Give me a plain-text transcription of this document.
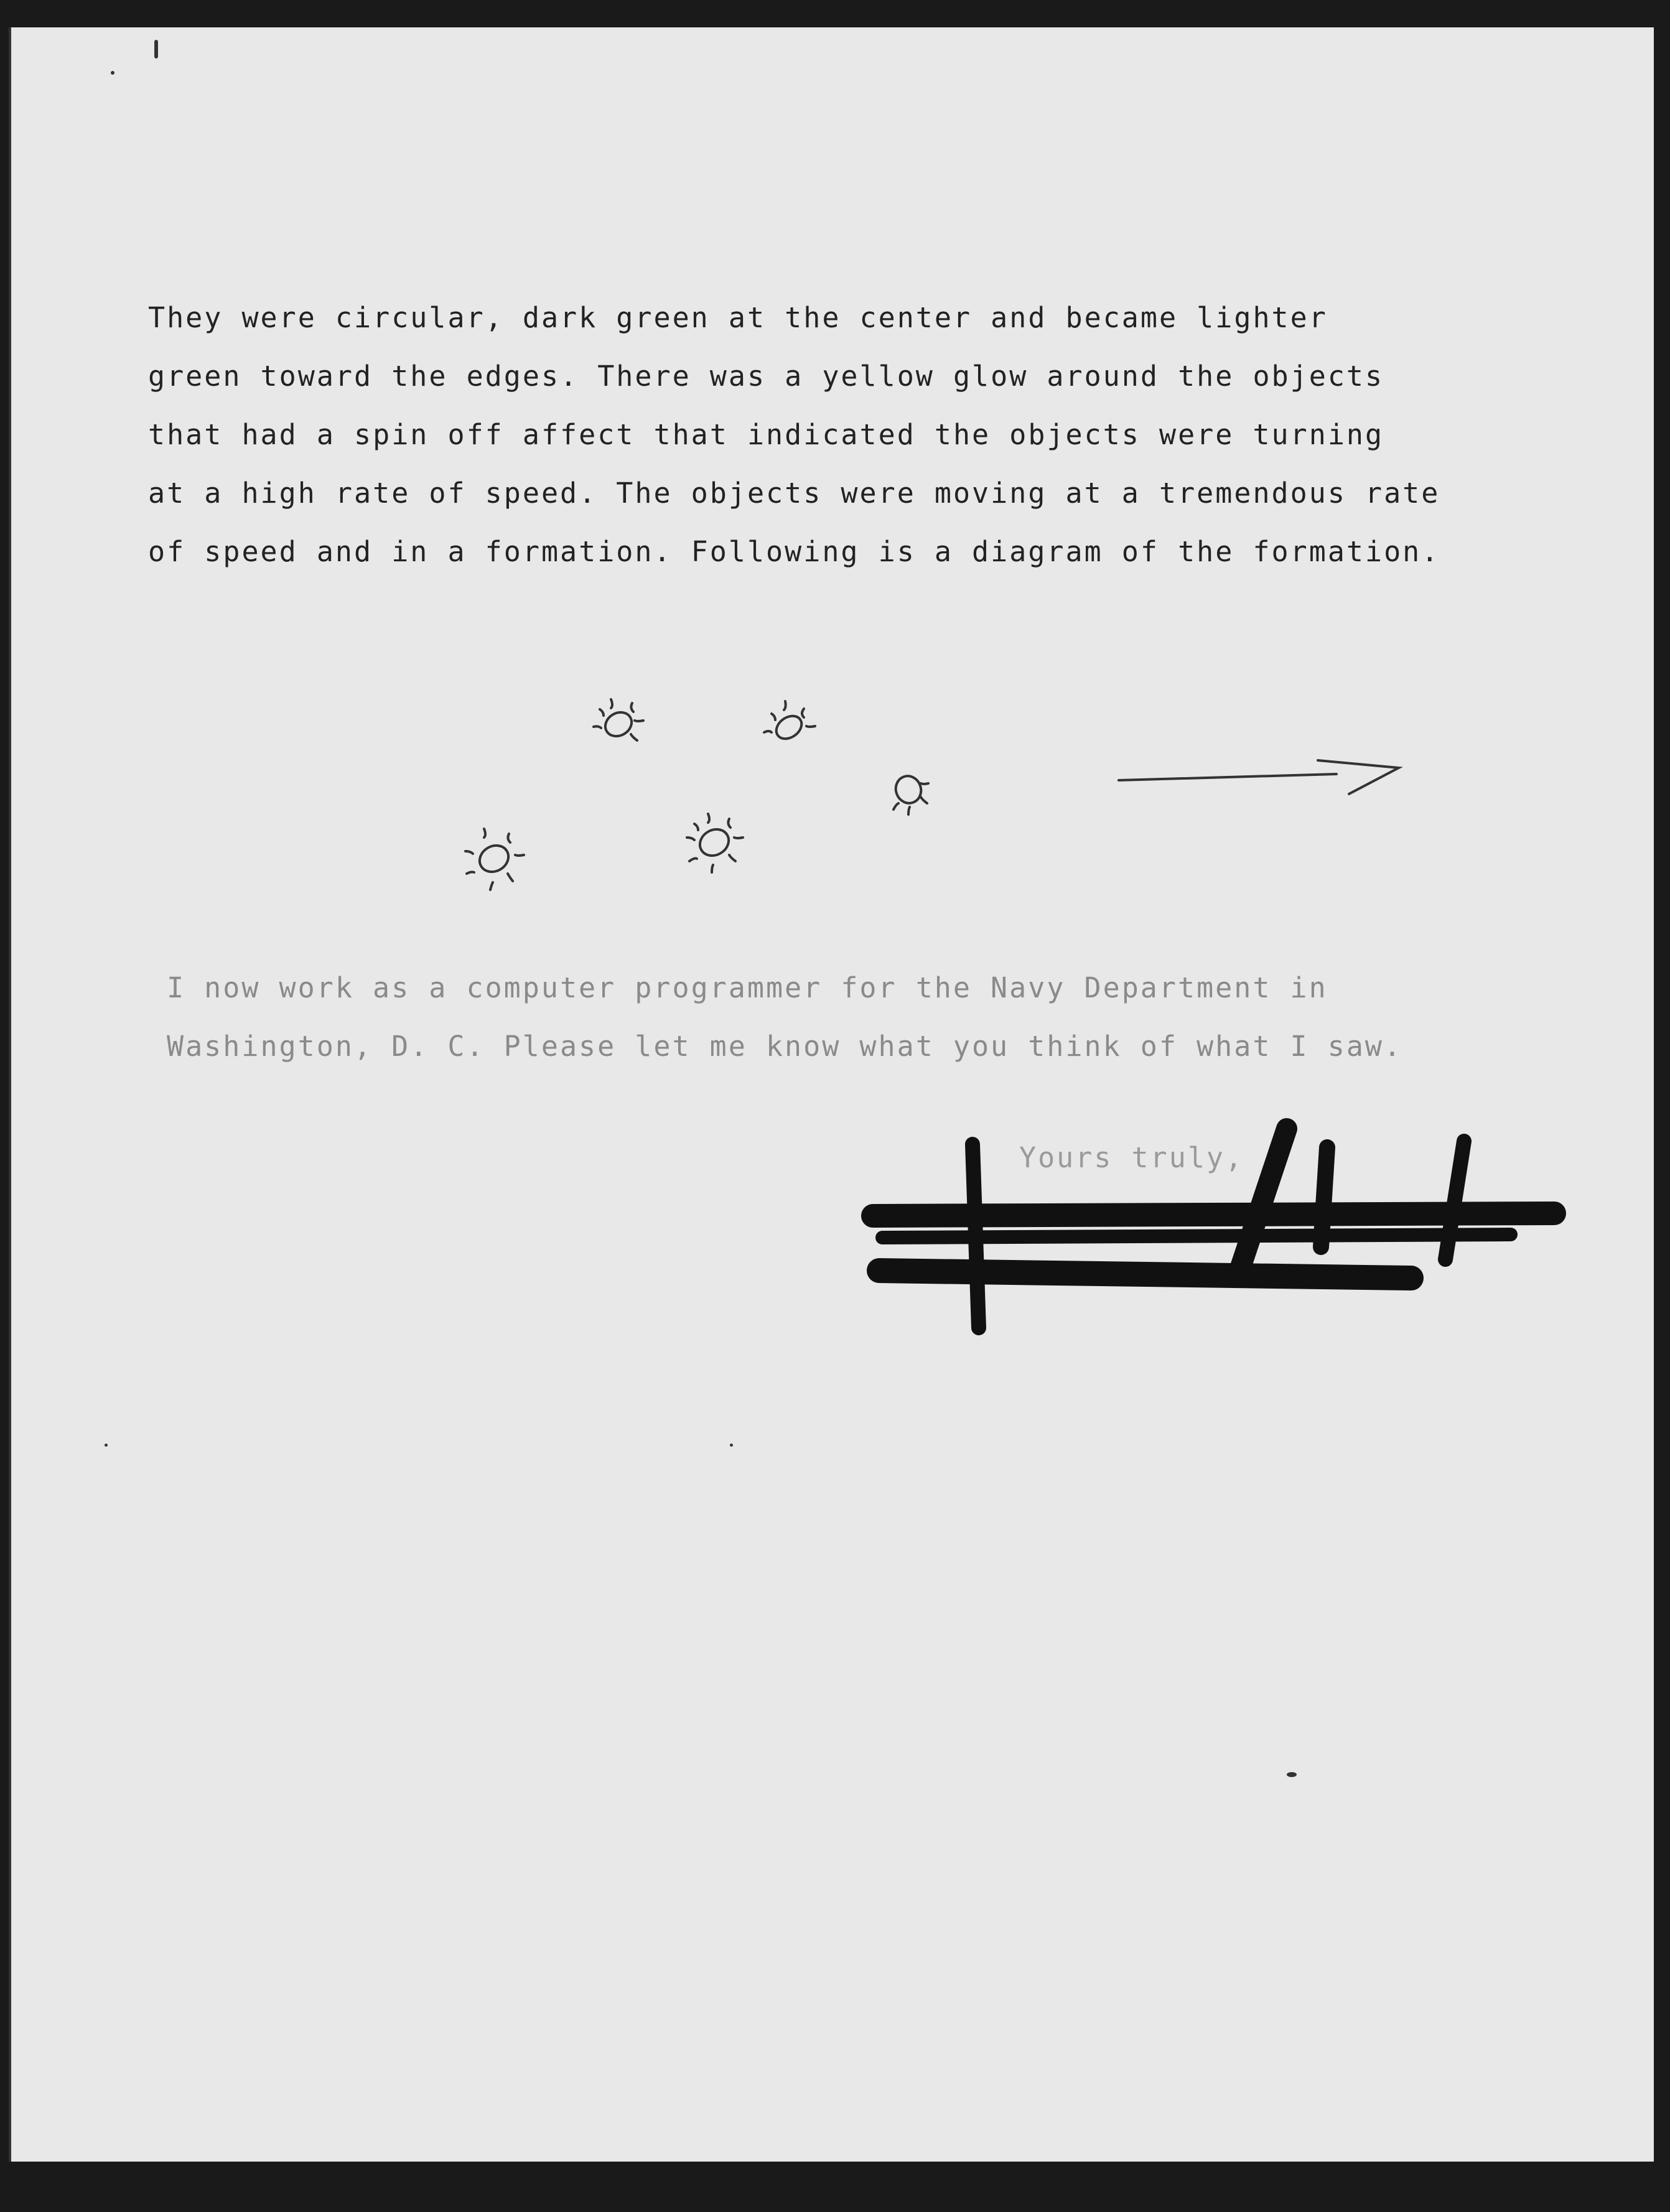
They were circular, dark green at the center and became lighter
green toward the edges. There was a yellow glow around the objects
that had a spin off affect that indicated the objects were turning
at a high rate of speed. The objects were moving at a tremendous rate
of speed and in a formation. Following is a diagram of the formation.
I now work as a computer programmer for the Navy Department in
Washington, D. C. Please let me know what you think of what I saw.
Yours truly,
